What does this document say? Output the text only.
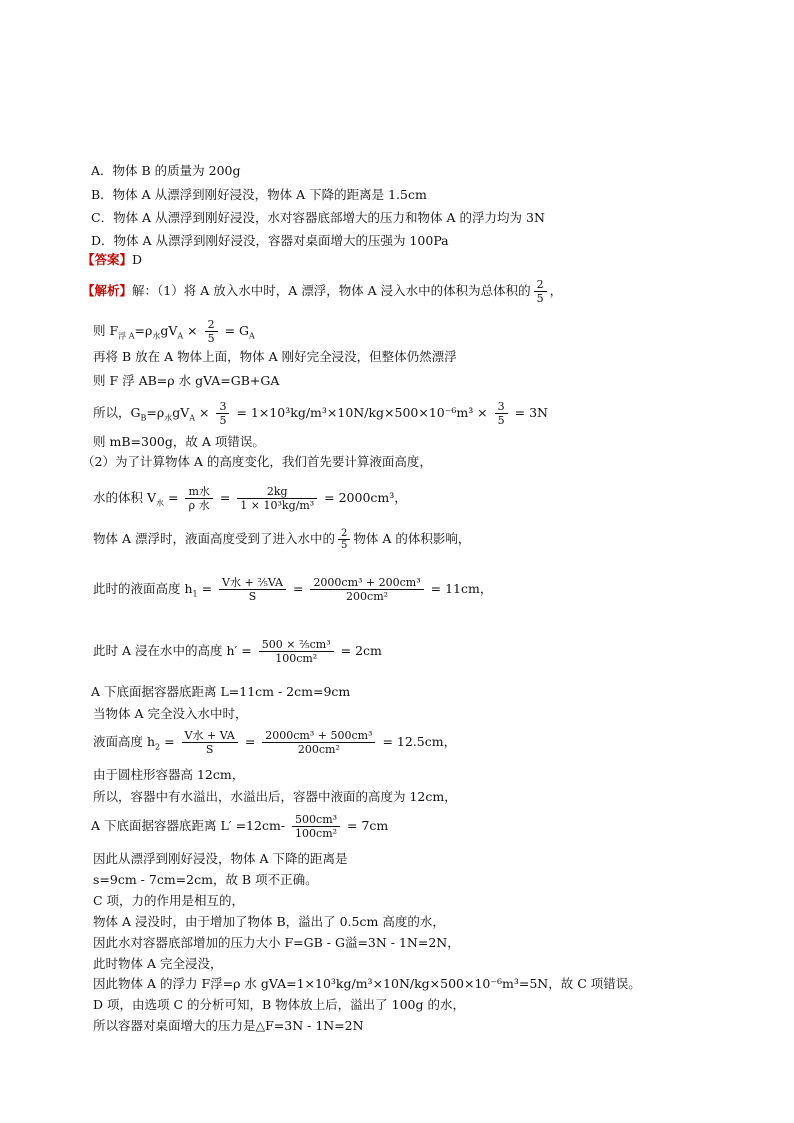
A．物体 B 的质量为 200g
B．物体 A 从漂浮到刚好浸没，物体 A 下降的距离是 1.5cm
C．物体 A 从漂浮到刚好浸没，水对容器底部增大的压力和物体 A 的浮力均为 3N
D．物体 A 从漂浮到刚好浸没，容器对桌面增大的压强为 100Pa
【答案】D
【解析】解：（1）将 A 放入水中时，A 漂浮，物体 A 浸入水中的体积为总体积的 $\frac{2}{5}$ ，
则 $F_{浮 A}=\rho_水gV_A \times \frac{2}{5} = G_A$
再将 B 放在 A 物体上面，物体 A 刚好完全浸没，但整体仍然漂浮
则 F 浮 AB=ρ 水 gVA=GB+GA
所以，$G_B=\rho_水gV_A \times \frac{3}{5} = 1\times 10^3kg/m^3\times 10N/kg\times 500\times 10^{-6}m^3 \times \frac{3}{5} = 3N$
则 mB=300g，故 A 项错误。
（2）为了计算物体 A 的高度变化，我们首先要计算液面高度，
水的体积 $V_水 = \frac{\text{m水}}{\text{ρ 水}} = \frac{2kg}{\text{1 × 10³kg/m³}} = 2000cm^3$，
物体 A 漂浮时，液面高度受到了进入水中的 $\frac{2}{5}$ 物体 A 的体积影响，
此时的液面高度 $h_1 = \frac{\text{V水 + ⅖VA}}{S} = \frac{\text{2000cm³ + 200cm³}}{\text{200cm²}} = 11cm$，
此时 A 浸在水中的高度 $h' = \frac{\text{500 × ⅖cm³}}{\text{100cm²}} = 2cm$
A 下底面据容器底距离 L=11cm - 2cm=9cm
当物体 A 完全没入水中时，
液面高度 $h_2 = \frac{\text{V水 + VA}}{S} = \frac{\text{2000cm³ + 500cm³}}{\text{200cm²}} = 12.5cm$，
由于圆柱形容器高 12cm，
所以，容器中有水溢出，水溢出后，容器中液面的高度为 12cm，
A 下底面据容器底距离 $L' =12cm- \frac{\text{500cm³}}{\text{100cm²}} = 7cm$
因此从漂浮到刚好浸没，物体 A 下降的距离是
s=9cm - 7cm=2cm，故 B 项不正确。
C 项，力的作用是相互的，
物体 A 浸没时，由于增加了物体 B，溢出了 0.5cm 高度的水，
因此水对容器底部增加的压力大小 F=GB - G溢=3N - 1N=2N，
此时物体 A 完全浸没，
因此物体 A 的浮力 F浮=ρ 水 gVA=1×10³kg/m³×10N/kg×500×10⁻⁶m³=5N，故 C 项错误。
D 项，由选项 C 的分析可知，B 物体放上后，溢出了 100g 的水，
所以容器对桌面增大的压力是△F=3N - 1N=2N
